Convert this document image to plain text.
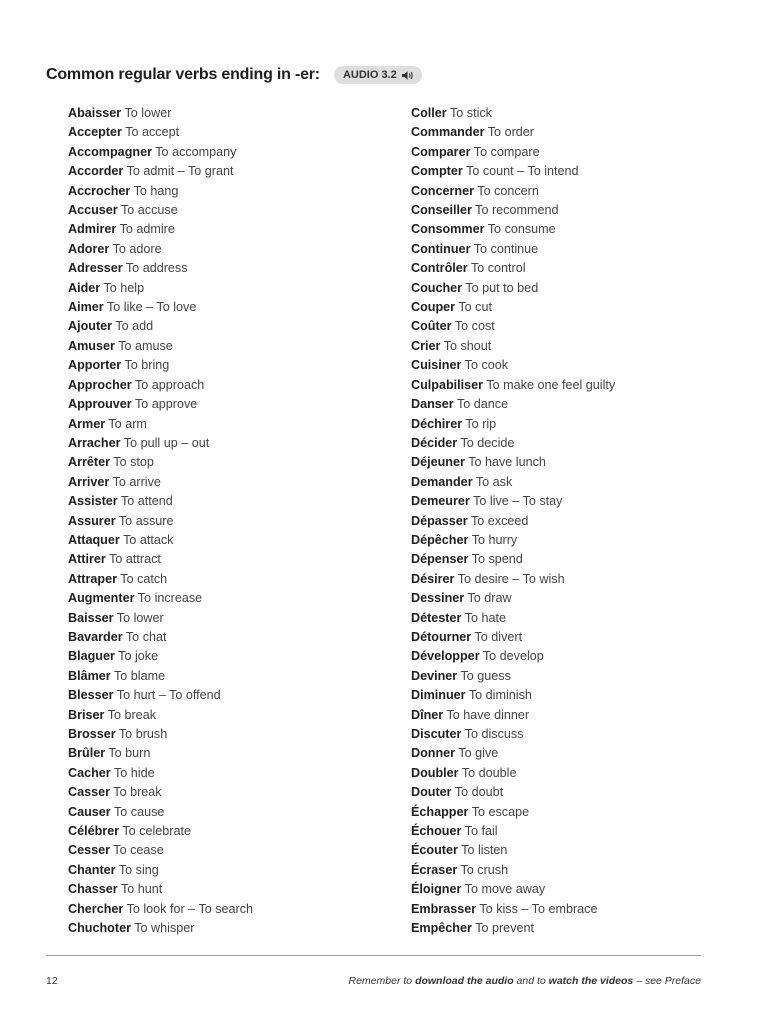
Common regular verbs ending in -er: AUDIO 3.2
Abaisser To lower
Accepter To accept
Accompagner To accompany
Accorder To admit – To grant
Accrocher To hang
Accuser To accuse
Admirer To admire
Adorer To adore
Adresser To address
Aider To help
Aimer To like – To love
Ajouter To add
Amuser To amuse
Apporter To bring
Approcher To approach
Approuver To approve
Armer To arm
Arracher To pull up – out
Arrêter To stop
Arriver To arrive
Assister To attend
Assurer To assure
Attaquer To attack
Attirer To attract
Attraper To catch
Augmenter To increase
Baisser To lower
Bavarder To chat
Blaguer To joke
Blâmer To blame
Blesser To hurt – To offend
Briser To break
Brosser To brush
Brûler To burn
Cacher To hide
Casser To break
Causer To cause
Célébrer To celebrate
Cesser To cease
Chanter To sing
Chasser To hunt
Chercher To look for – To search
Chuchoter To whisper
Coller To stick
Commander To order
Comparer To compare
Compter To count – To intend
Concerner To concern
Conseiller To recommend
Consommer To consume
Continuer To continue
Contrôler To control
Coucher To put to bed
Couper To cut
Coûter To cost
Crier To shout
Cuisiner To cook
Culpabiliser To make one feel guilty
Danser To dance
Déchirer To rip
Décider To decide
Déjeuner To have lunch
Demander To ask
Demeurer To live – To stay
Dépasser To exceed
Dépêcher To hurry
Dépenser To spend
Désirer To desire – To wish
Dessiner To draw
Détester To hate
Détourner To divert
Développer To develop
Deviner To guess
Diminuer To diminish
Dîner To have dinner
Discuter To discuss
Donner To give
Doubler To double
Douter To doubt
Échapper To escape
Échouer To fail
Écouter To listen
Écraser To crush
Éloigner To move away
Embrasser To kiss – To embrace
Empêcher To prevent
12	Remember to download the audio and to watch the videos – see Preface
